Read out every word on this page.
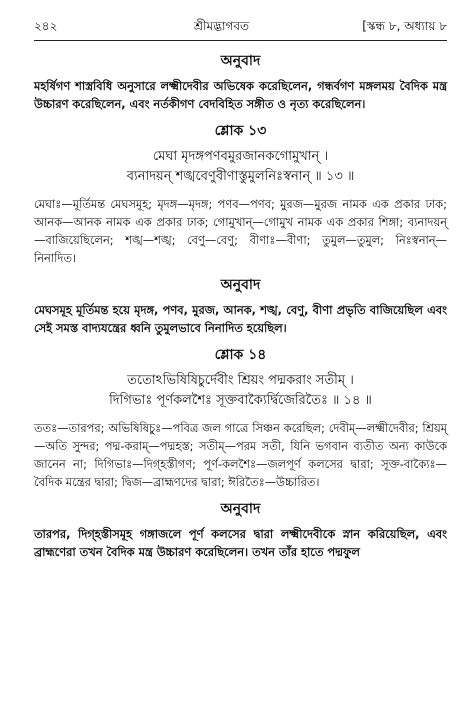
২৪২	শ্রীমদ্ভাগবত	[স্কন্ধ ৮, অধ্যায় ৮
অনুবাদ

মহর্ষিগণ শাস্ত্রবিধি অনুসারে লক্ষ্মীদেবীর অভিষেক করেছিলেন, গন্ধর্বগণ মঙ্গলময় বৈদিক মন্ত্র উচ্চারণ করেছিলেন, এবং নর্তকীগণ বেদবিহিত সঙ্গীত ও নৃত্য করেছিলেন।

শ্লোক ১৩

মেঘা মৃদঙ্গপণবমুরজানকগোমুখান্ ।

ব্যনাদয়ন্ শঙ্খবেণুবীণাস্তুমুলনিঃস্বনান্ ॥ ১৩ ॥

মেঘাঃ—মূর্তিমন্ত মেঘসমূহ; মৃদঙ্গ—মৃদঙ্গ; পণব—পণব; মুরজ—মুরজ নামক এক প্রকার ঢাক; আনক—আনক নামক এক প্রকার ঢাক; গোমুখান্—গোমুখ নামক এক প্রকার শিঙ্গা; ব্যনাদয়ন্—বাজিয়েছিলেন; শঙ্খ—শঙ্খ; বেণু—বেণু; বীণাঃ—বীণা; তুমুল—তুমুল; নিঃস্বনান্—নিনাদিত।

অনুবাদ

মেঘসমূহ মূর্তিমন্ত হয়ে মৃদঙ্গ, পণব, মুরজ, আনক, শঙ্খ, বেণু, বীণা প্রভৃতি বাজিয়েছিল এবং সেই সমস্ত বাদ্যযন্ত্রের ধ্বনি তুমুলভাবে নিনাদিত হয়েছিল।

শ্লোক ১৪

ততোঽভিষিষিচুর্দেবীং শ্রিয়ং পদ্মকরাং সতীম্ ।

দিগিভাঃ পূর্ণকলশৈঃ সূক্তবাক্যৈর্দ্বিজেরিতৈঃ ॥ ১৪ ॥

ততঃ—তারপর; অভিষিষিচুঃ—পবিত্র জল গাত্রে সিঞ্চন করেছিল; দেবীম্—লক্ষ্মীদেবীর; শ্রিয়ম্—অতি সুন্দর; পদ্ম-করাম্—পদ্মহস্ত; সতীম্—পরম সতী, যিনি ভগবান ব্যতীত অন্য কাউকে জানেন না; দিগিভাঃ—দিগ্‌হস্তীগণ; পূর্ণ-কলশৈঃ—জলপূর্ণ কলসের দ্বারা; সূক্ত-বাক্যৈঃ—বৈদিক মন্ত্রের দ্বারা; দ্বিজ—ব্রাহ্মণদের দ্বারা; ঈরিতৈঃ—উচ্চারিত।

অনুবাদ

তারপর, দিগ্‌হস্তীসমূহ গঙ্গাজলে পূর্ণ কলসের দ্বারা লক্ষ্মীদেবীকে স্নান করিয়েছিল, এবং ব্রাহ্মণেরা তখন বৈদিক মন্ত্র উচ্চারণ করেছিলেন। তখন তাঁর হাতে পদ্মফুল
